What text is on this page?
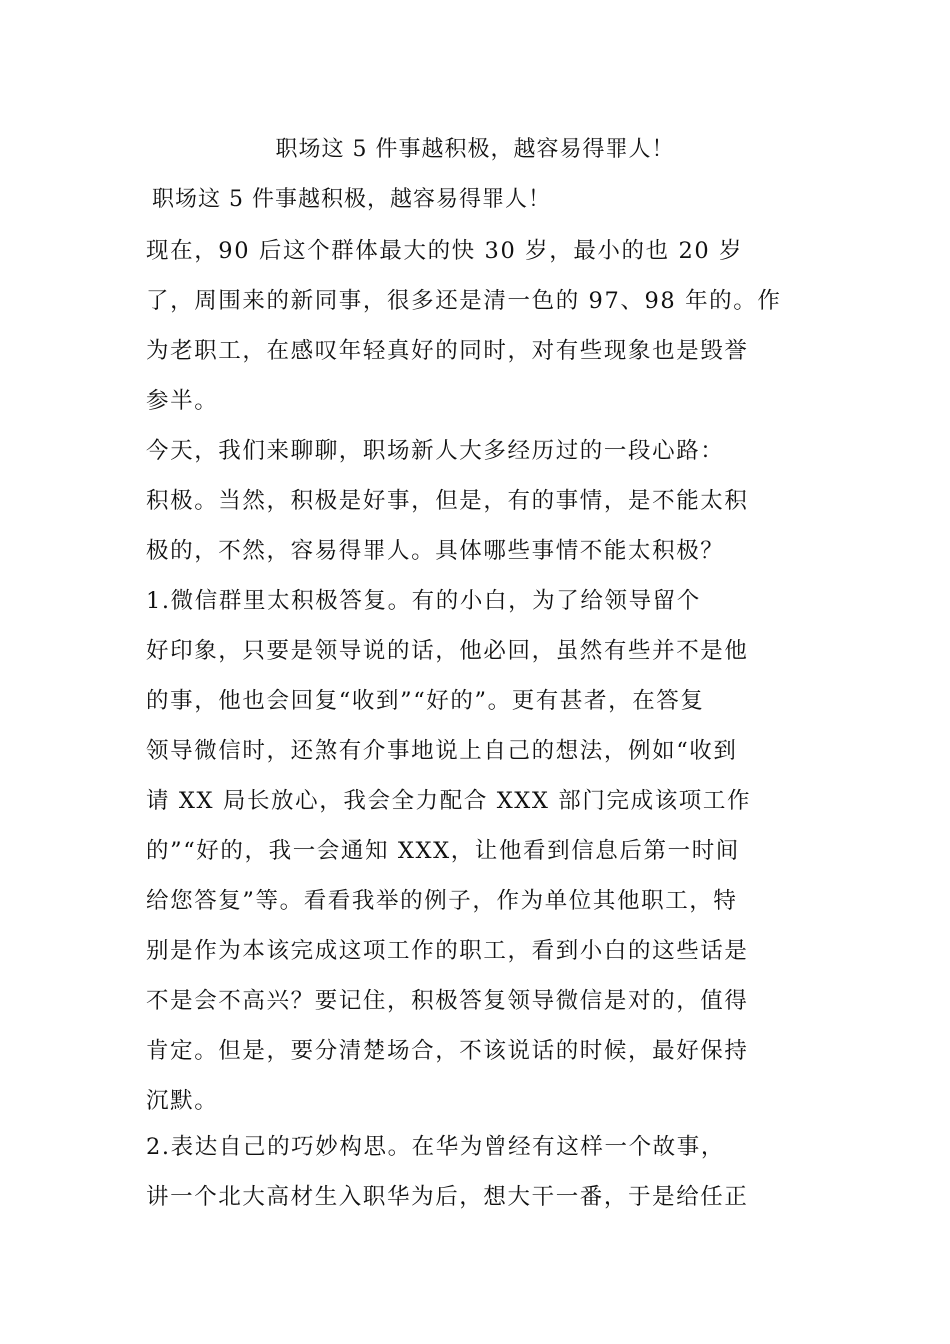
职场这 5 件事越积极，越容易得罪人！
职场这 5 件事越积极，越容易得罪人！
现在，90 后这个群体最大的快 30 岁，最小的也 20 岁
了，周围来的新同事，很多还是清一色的 97、98 年的。作
为老职工，在感叹年轻真好的同时，对有些现象也是毁誉
参半。
今天，我们来聊聊，职场新人大多经历过的一段心路：
积极。当然，积极是好事，但是，有的事情，是不能太积
极的，不然，容易得罪人。具体哪些事情不能太积极？
1.微信群里太积极答复。有的小白，为了给领导留个
好印象，只要是领导说的话，他必回，虽然有些并不是他
的事，他也会回复“收到”“好的”。更有甚者，在答复
领导微信时，还煞有介事地说上自己的想法，例如“收到
请 XX 局长放心，我会全力配合 XXX 部门完成该项工作
的”“好的，我一会通知 XXX，让他看到信息后第一时间
给您答复”等。看看我举的例子，作为单位其他职工，特
别是作为本该完成这项工作的职工，看到小白的这些话是
不是会不高兴？要记住，积极答复领导微信是对的，值得
肯定。但是，要分清楚场合，不该说话的时候，最好保持
沉默。
2.表达自己的巧妙构思。在华为曾经有这样一个故事，
讲一个北大高材生入职华为后，想大干一番，于是给任正
